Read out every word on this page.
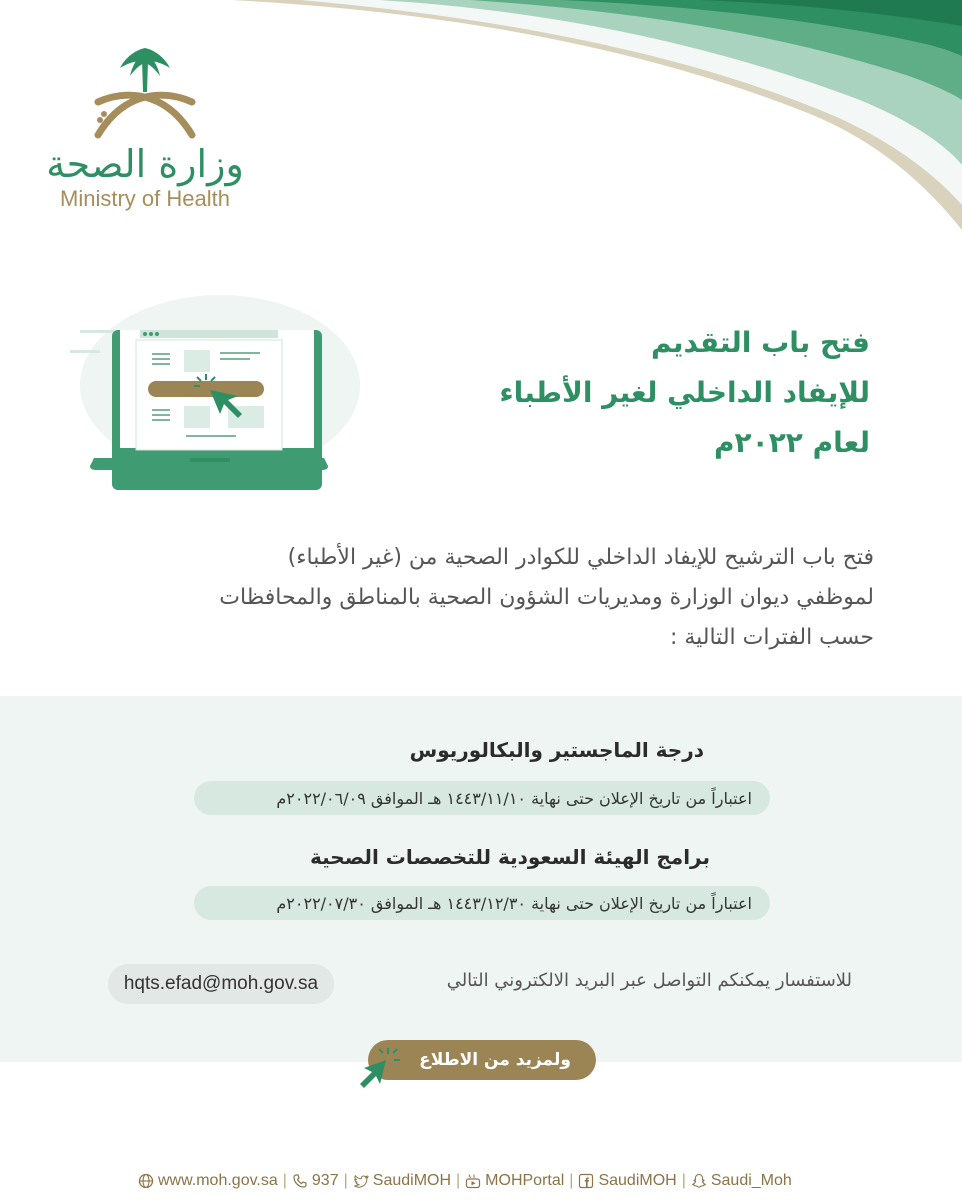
وزارة الصحة
Ministry of Health
فتح باب التقديم
للإيفاد الداخلي لغير الأطباء
لعام ٢٠٢٢م
فتح باب الترشيح للإيفاد الداخلي للكوادر الصحية من (غير الأطباء)
لموظفي ديوان الوزارة ومديريات الشؤون الصحية بالمناطق والمحافظات
حسب الفترات التالية :
درجة الماجستير والبكالوريوس
اعتباراً من تاريخ الإعلان حتى نهاية ١٤٤٣/١١/١٠ هـ الموافق ٢٠٢٢/٠٦/٠٩م
برامج الهيئة السعودية للتخصصات الصحية
اعتباراً من تاريخ الإعلان حتى نهاية ١٤٤٣/١٢/٣٠ هـ الموافق ٢٠٢٢/٠٧/٣٠م
للاستفسار يمكنكم التواصل عبر البريد الالكتروني التالي
hqts.efad@moh.gov.sa
ولمزيد من الاطلاع
www.moh.gov.sa | 937 | SaudiMOH | MOHPortal | SaudiMOH | Saudi_Moh
